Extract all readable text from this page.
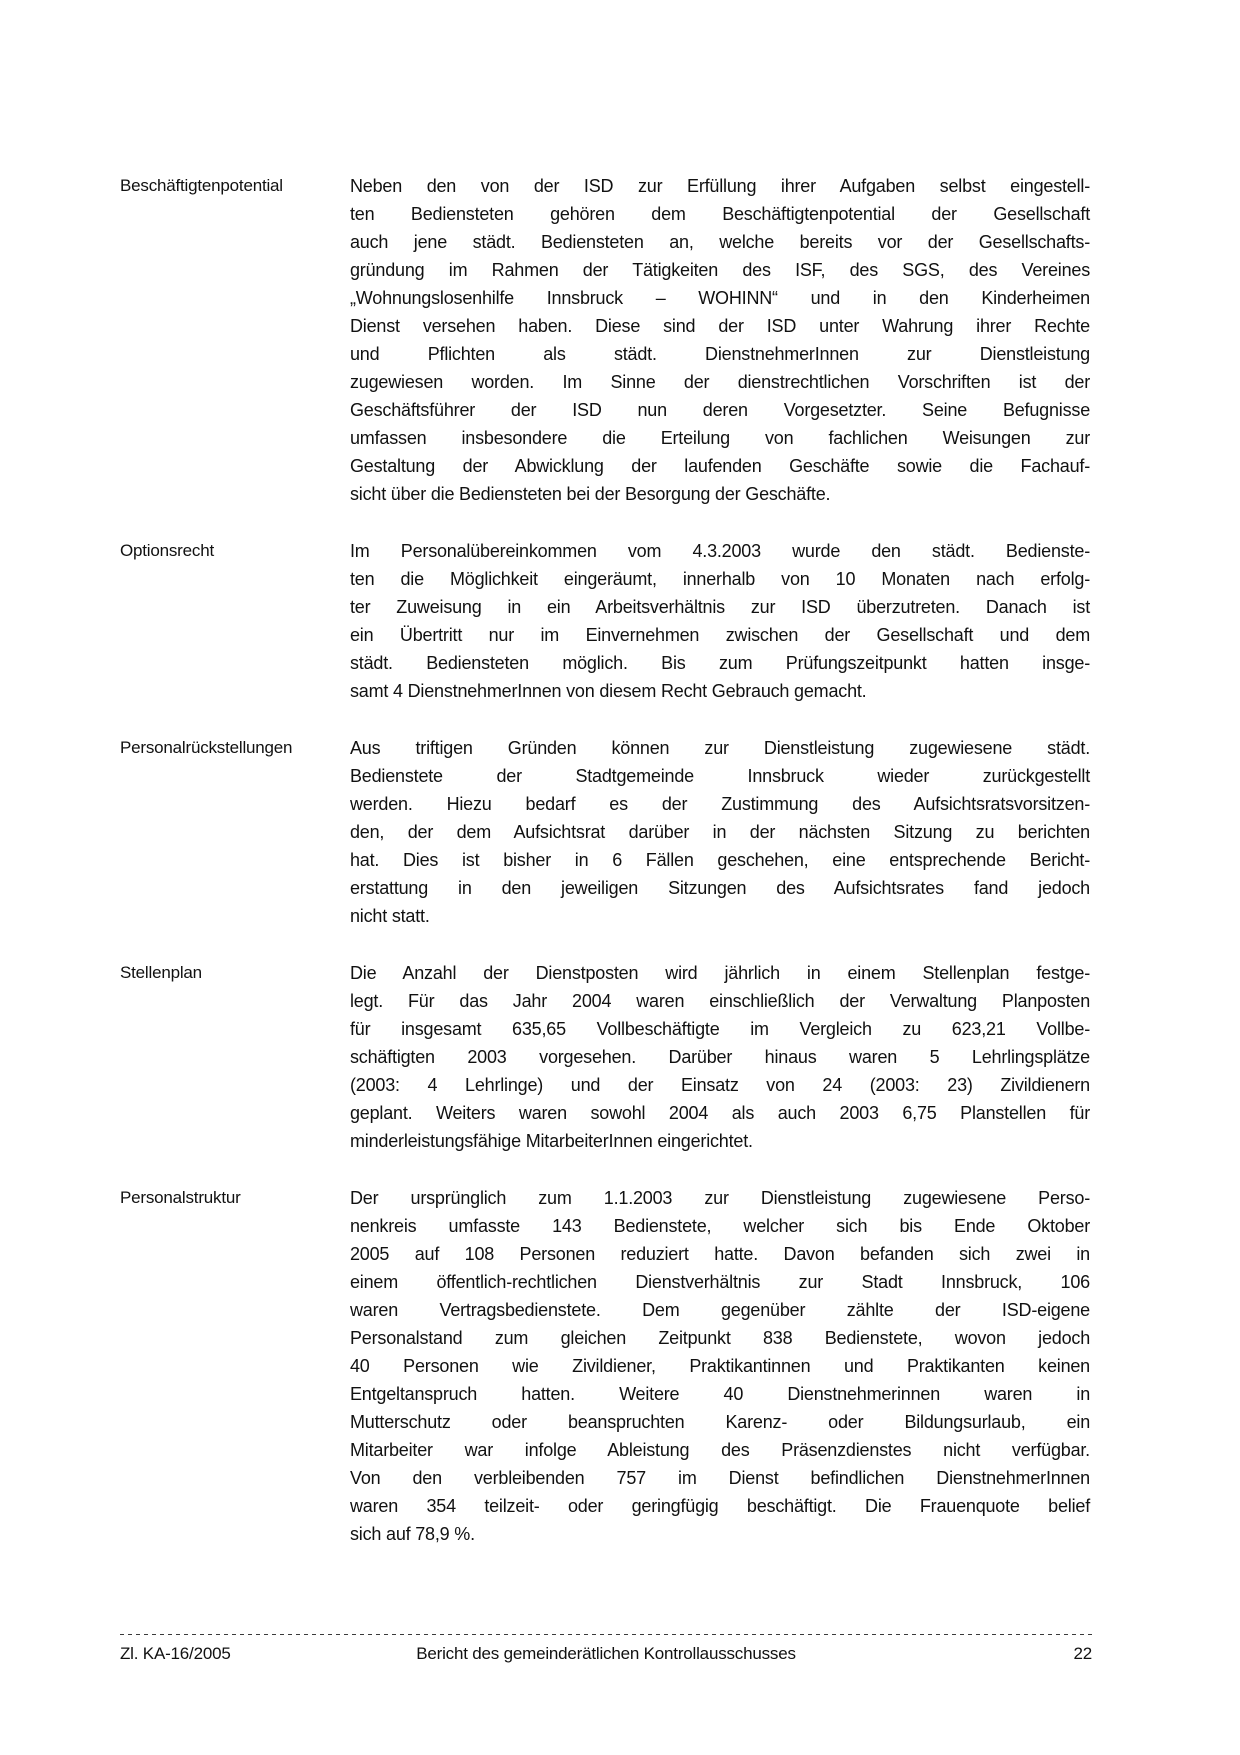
Beschäftigtenpotential	Neben den von der ISD zur Erfüllung ihrer Aufgaben selbst eingestell-
ten Bediensteten gehören dem Beschäftigtenpotential der Gesellschaft
auch jene städt. Bediensteten an, welche bereits vor der Gesellschafts-
gründung im Rahmen der Tätigkeiten des ISF, des SGS, des Vereines
„Wohnungslosenhilfe Innsbruck – WOHINN“ und in den Kinderheimen
Dienst versehen haben. Diese sind der ISD unter Wahrung ihrer Rechte
und Pflichten als städt. DienstnehmerInnen zur Dienstleistung
zugewiesen worden. Im Sinne der dienstrechtlichen Vorschriften ist der
Geschäftsführer der ISD nun deren Vorgesetzter. Seine Befugnisse
umfassen insbesondere die Erteilung von fachlichen Weisungen zur
Gestaltung der Abwicklung der laufenden Geschäfte sowie die Fachauf-
sicht über die Bediensteten bei der Besorgung der Geschäfte.
Optionsrecht	Im Personalübereinkommen vom 4.3.2003 wurde den städt. Bedienste-
ten die Möglichkeit eingeräumt, innerhalb von 10 Monaten nach erfolg-
ter Zuweisung in ein Arbeitsverhältnis zur ISD überzutreten. Danach ist
ein Übertritt nur im Einvernehmen zwischen der Gesellschaft und dem
städt. Bediensteten möglich. Bis zum Prüfungszeitpunkt hatten insge-
samt 4 DienstnehmerInnen von diesem Recht Gebrauch gemacht.
Personalrückstellungen	Aus triftigen Gründen können zur Dienstleistung zugewiesene städt.
Bedienstete der Stadtgemeinde Innsbruck wieder zurückgestellt
werden. Hiezu bedarf es der Zustimmung des Aufsichtsratsvorsitzen-
den, der dem Aufsichtsrat darüber in der nächsten Sitzung zu berichten
hat. Dies ist bisher in 6 Fällen geschehen, eine entsprechende Bericht-
erstattung in den jeweiligen Sitzungen des Aufsichtsrates fand jedoch
nicht statt.
Stellenplan	Die Anzahl der Dienstposten wird jährlich in einem Stellenplan festge-
legt. Für das Jahr 2004 waren einschließlich der Verwaltung Planposten
für insgesamt 635,65 Vollbeschäftigte im Vergleich zu 623,21 Vollbe-
schäftigten 2003 vorgesehen. Darüber hinaus waren 5 Lehrlingsplätze
(2003: 4 Lehrlinge) und der Einsatz von 24 (2003: 23) Zivildienern
geplant. Weiters waren sowohl 2004 als auch 2003 6,75 Planstellen für
minderleistungsfähige MitarbeiterInnen eingerichtet.
Personalstruktur	Der ursprünglich zum 1.1.2003 zur Dienstleistung zugewiesene Perso-
nenkreis umfasste 143 Bedienstete, welcher sich bis Ende Oktober
2005 auf 108 Personen reduziert hatte. Davon befanden sich zwei in
einem öffentlich-rechtlichen Dienstverhältnis zur Stadt Innsbruck, 106
waren Vertragsbedienstete. Dem gegenüber zählte der ISD-eigene
Personalstand zum gleichen Zeitpunkt 838 Bedienstete, wovon jedoch
40 Personen wie Zivildiener, Praktikantinnen und Praktikanten keinen
Entgeltanspruch hatten. Weitere 40 Dienstnehmerinnen waren in
Mutterschutz oder beanspruchten Karenz- oder Bildungsurlaub, ein
Mitarbeiter war infolge Ableistung des Präsenzdienstes nicht verfügbar.
Von den verbleibenden 757 im Dienst befindlichen DienstnehmerInnen
waren 354 teilzeit- oder geringfügig beschäftigt. Die Frauenquote belief
sich auf 78,9 %.
Zl. KA-16/2005	Bericht des gemeinderätlichen Kontrollausschusses	22
